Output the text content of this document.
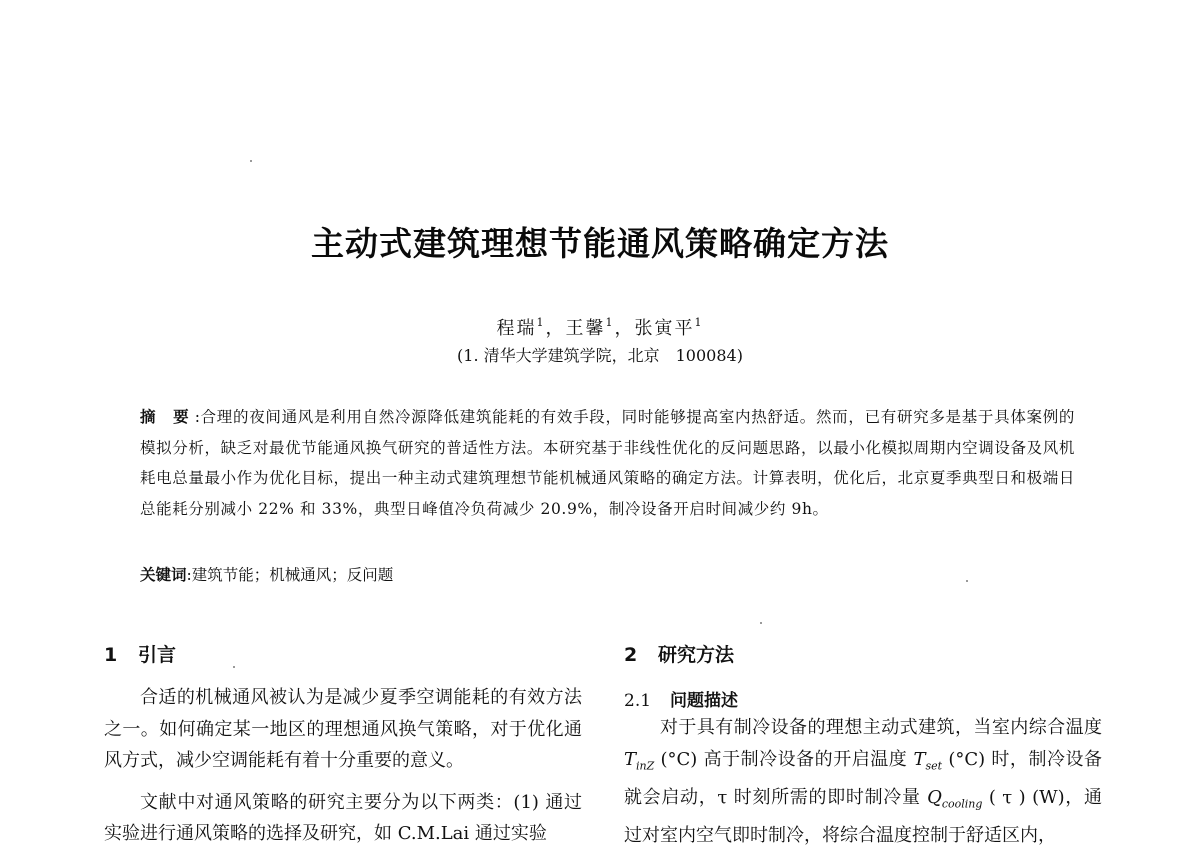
主动式建筑理想节能通风策略确定方法
程瑞$^1$，王馨$^1$，张寅平$^1$
(1. 清华大学建筑学院，北京　100084)
摘 要:合理的夜间通风是利用自然冷源降低建筑能耗的有效手段，同时能够提高室内热舒适。然而，已有研究多是基于具体案例的模拟分析，缺乏对最优节能通风换气研究的普适性方法。本研究基于非线性优化的反问题思路，以最小化模拟周期内空调设备及风机耗电总量最小作为优化目标，提出一种主动式建筑理想节能机械通风策略的确定方法。计算表明，优化后，北京夏季典型日和极端日总能耗分别减小 22% 和 33%，典型日峰值冷负荷减少 20.9%，制冷设备开启时间减少约 9h。
关键词:建筑节能；机械通风；反问题
1 引言

合适的机械通风被认为是减少夏季空调能耗的有效方法之一。如何确定某一地区的理想通风换气策略，对于优化通风方式，减少空调能耗有着十分重要的意义。

文献中对通风策略的研究主要分为以下两类：(1) 通过实验进行通风策略的选择及研究，如 C.M.Lai 通过实验

2 研究方法
2.1 问题描述

对于具有制冷设备的理想主动式建筑，当室内综合温度 $T_{inZ}$ (°C) 高于制冷设备的开启温度 $T_{set}$ (°C) 时，制冷设备就会启动，τ 时刻所需的即时制冷量 $Q_{cooling}$ ( τ ) (W)，通过对室内空气即时制冷，将综合温度控制于舒适区内，
